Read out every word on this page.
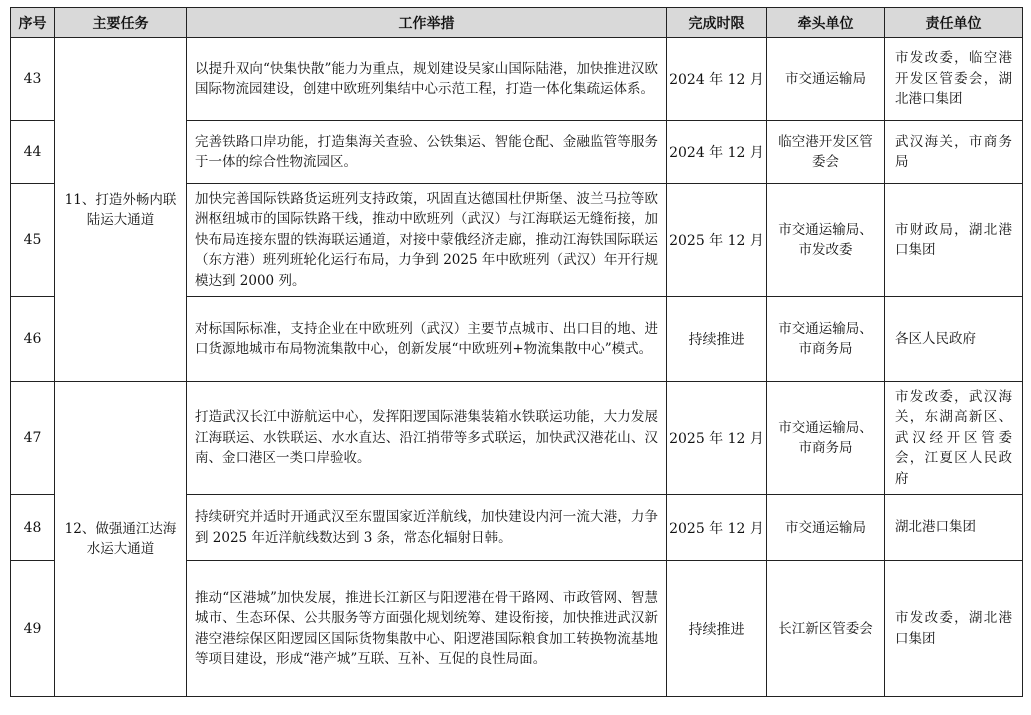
序号	主要任务	工作举措	完成时限	牵头单位	责任单位
43	11、打造外畅内联陆运大通道	以提升双向“快集快散”能力为重点，规划建设吴家山国际陆港，加快推进汉欧国际物流园建设，创建中欧班列集结中心示范工程，打造一体化集疏运体系。	2024 年 12 月	市交通运输局	市发改委，临空港开发区管委会，湖北港口集团
44		完善铁路口岸功能，打造集海关查验、公铁集运、智能仓配、金融监管等服务于一体的综合性物流园区。	2024 年 12 月	临空港开发区管委会	武汉海关，市商务局
45		加快完善国际铁路货运班列支持政策，巩固直达德国杜伊斯堡、波兰马拉等欧洲枢纽城市的国际铁路干线，推动中欧班列（武汉）与江海联运无缝衔接，加快布局连接东盟的铁海联运通道，对接中蒙俄经济走廊，推动江海铁国际联运（东方港）班列班轮化运行布局，力争到 2025 年中欧班列（武汉）年开行规模达到 2000 列。	2025 年 12 月	市交通运输局、市发改委	市财政局，湖北港口集团
46		对标国际标准，支持企业在中欧班列（武汉）主要节点城市、出口目的地、进口货源地城市布局物流集散中心，创新发展“中欧班列+物流集散中心”模式。	持续推进	市交通运输局、市商务局	各区人民政府
47	12、做强通江达海水运大通道	打造武汉长江中游航运中心，发挥阳逻国际港集装箱水铁联运功能，大力发展江海联运、水铁联运、水水直达、沿江捎带等多式联运，加快武汉港花山、汉南、金口港区一类口岸验收。	2025 年 12 月	市交通运输局、市商务局	市发改委，武汉海关，东湖高新区、武汉经开区管委会，江夏区人民政府
48		持续研究并适时开通武汉至东盟国家近洋航线，加快建设内河一流大港，力争到 2025 年近洋航线数达到 3 条，常态化辐射日韩。	2025 年 12 月	市交通运输局	湖北港口集团
49		推动“区港城”加快发展，推进长江新区与阳逻港在骨干路网、市政管网、智慧城市、生态环保、公共服务等方面强化规划统筹、建设衔接，加快推进武汉新港空港综保区阳逻园区国际货物集散中心、阳逻港国际粮食加工转换物流基地等项目建设，形成“港产城”互联、互补、互促的良性局面。	持续推进	长江新区管委会	市发改委，湖北港口集团
